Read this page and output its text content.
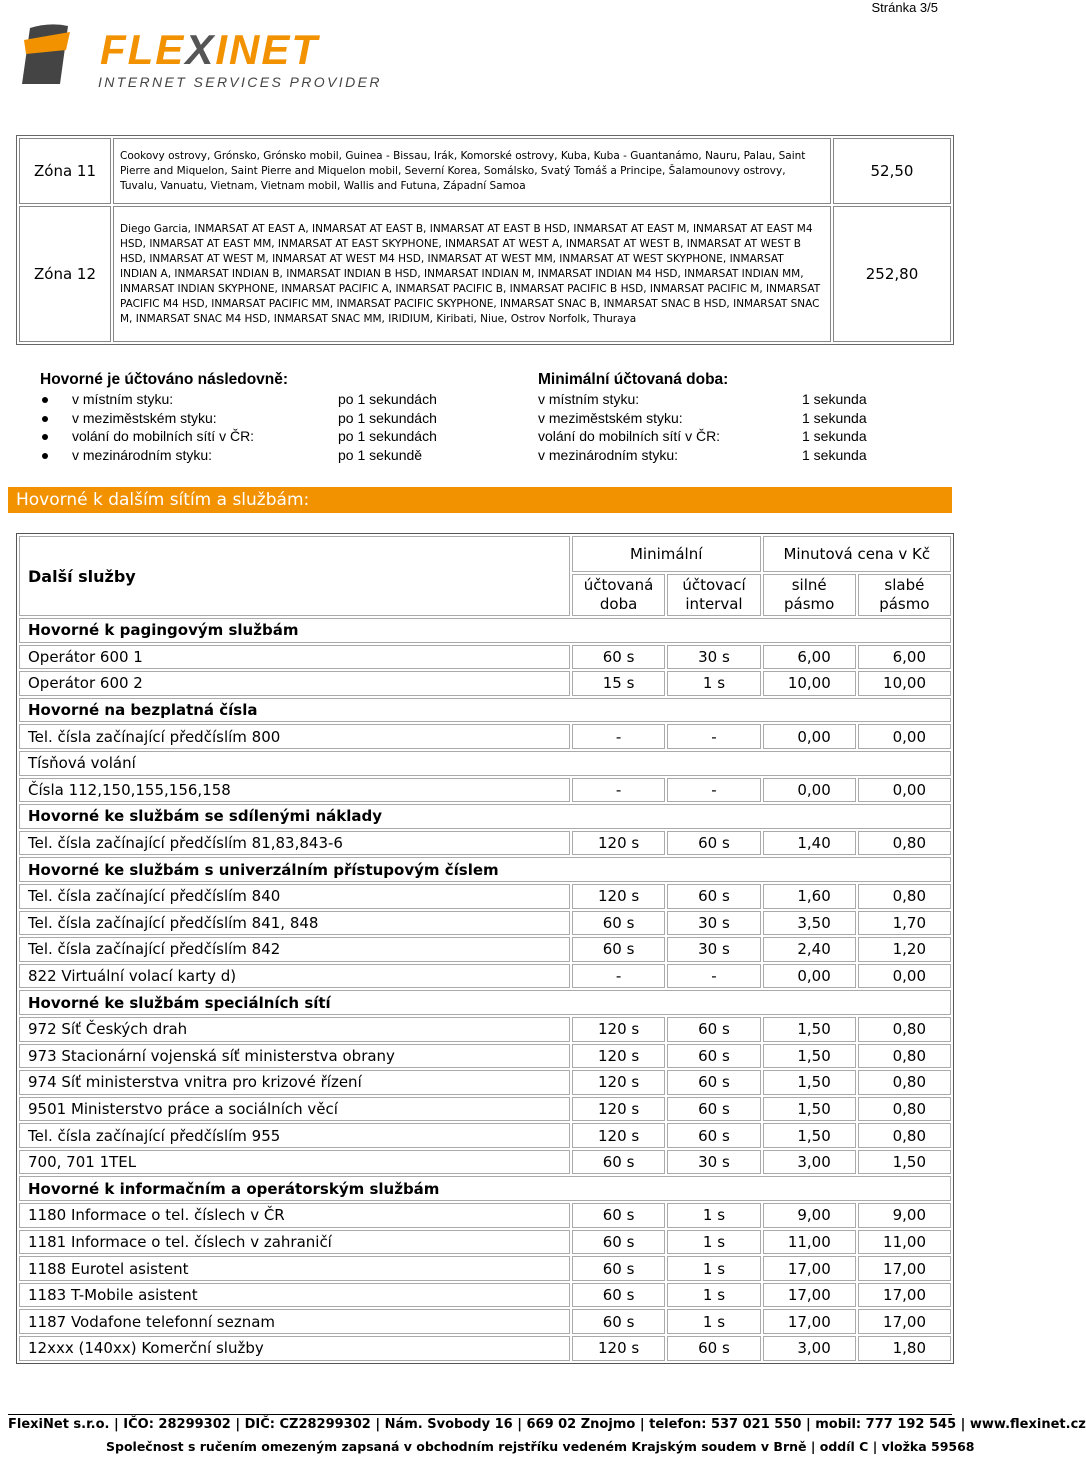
Stránka 3/5
FLEXINET
INTERNET SERVICES PROVIDER
Zóna 11	Cookovy ostrovy, Grónsko, Grónsko mobil, Guinea - Bissau, Irák, Komorské ostrovy, Kuba, Kuba - Guantanámo, Nauru, Palau, Saint Pierre and Miquelon, Saint Pierre and Miquelon mobil, Severní Korea, Somálsko, Svatý Tomáš a Principe, Šalamounovy ostrovy, Tuvalu, Vanuatu, Vietnam, Vietnam mobil, Wallis and Futuna, Západní Samoa	52,50
Zóna 12	Diego Garcia, INMARSAT AT EAST A, INMARSAT AT EAST B, INMARSAT AT EAST B HSD, INMARSAT AT EAST M, INMARSAT AT EAST M4 HSD, INMARSAT AT EAST MM, INMARSAT AT EAST SKYPHONE, INMARSAT AT WEST A, INMARSAT AT WEST B, INMARSAT AT WEST B HSD, INMARSAT AT WEST M, INMARSAT AT WEST M4 HSD, INMARSAT AT WEST MM, INMARSAT AT WEST SKYPHONE, INMARSAT INDIAN A, INMARSAT INDIAN B, INMARSAT INDIAN B HSD, INMARSAT INDIAN M, INMARSAT INDIAN M4 HSD, INMARSAT INDIAN MM, INMARSAT INDIAN SKYPHONE, INMARSAT PACIFIC A, INMARSAT PACIFIC B, INMARSAT PACIFIC B HSD, INMARSAT PACIFIC M, INMARSAT PACIFIC M4 HSD, INMARSAT PACIFIC MM, INMARSAT PACIFIC SKYPHONE, INMARSAT SNAC B, INMARSAT SNAC B HSD, INMARSAT SNAC M, INMARSAT SNAC M4 HSD, INMARSAT SNAC MM, IRIDIUM, Kiribati, Niue, Ostrov Norfolk, Thuraya	252,80
Hovorné je účtováno následovně:
v místním styku:	po 1 sekundách
v meziměstském styku:	po 1 sekundách
volání do mobilních sítí v ČR:	po 1 sekundách
v mezinárodním styku:	po 1 sekundě
Minimální účtovaná doba:
v místním styku:	1 sekunda
v meziměstském styku:	1 sekunda
volání do mobilních sítí v ČR:	1 sekunda
v mezinárodním styku:	1 sekunda
Hovorné k dalším sítím a službám:
Další služby	Minimální		Minutová cena v Kč	
	účtovaná doba	účtovací interval	silné pásmo	slabé pásmo
Hovorné k pagingovým službám				
Operátor 600 1	60 s	30 s	6,00	6,00
Operátor 600 2	15 s	1 s	10,00	10,00
Hovorné na bezplatná čísla				
Tel. čísla začínající předčíslím 800	-	-	0,00	0,00
Tísňová volání				
Čísla 112,150,155,156,158	-	-	0,00	0,00
Hovorné ke službám se sdílenými náklady				
Tel. čísla začínající předčíslím 81,83,843-6	120 s	60 s	1,40	0,80
Hovorné ke službám s univerzálním přístupovým číslem				
Tel. čísla začínající předčíslím 840	120 s	60 s	1,60	0,80
Tel. čísla začínající předčíslím 841, 848	60 s	30 s	3,50	1,70
Tel. čísla začínající předčíslím 842	60 s	30 s	2,40	1,20
822 Virtuální volací karty d)	-	-	0,00	0,00
Hovorné ke službám speciálních sítí				
972 Síť Českých drah	120 s	60 s	1,50	0,80
973 Stacionární vojenská síť ministerstva obrany	120 s	60 s	1,50	0,80
974 Síť ministerstva vnitra pro krizové řízení	120 s	60 s	1,50	0,80
9501 Ministerstvo práce a sociálních věcí	120 s	60 s	1,50	0,80
Tel. čísla začínající předčíslím 955	120 s	60 s	1,50	0,80
700, 701 1TEL	60 s	30 s	3,00	1,50
Hovorné k informačním a operátorským službám				
1180 Informace o tel. číslech v ČR	60 s	1 s	9,00	9,00
1181 Informace o tel. číslech v zahraničí	60 s	1 s	11,00	11,00
1188 Eurotel asistent	60 s	1 s	17,00	17,00
1183 T-Mobile asistent	60 s	1 s	17,00	17,00
1187 Vodafone telefonní seznam	60 s	1 s	17,00	17,00
12xxx (140xx) Komerční služby	120 s	60 s	3,00	1,80
FlexiNet s.r.o. | IČO: 28299302 | DIČ: CZ28299302 | Nám. Svobody 16 | 669 02 Znojmo | telefon: 537 021 550 | mobil: 777 192 545 | www.flexinet.cz
Společnost s ručením omezeným zapsaná v obchodním rejstříku vedeném Krajským soudem v Brně | oddíl C | vložka 59568
